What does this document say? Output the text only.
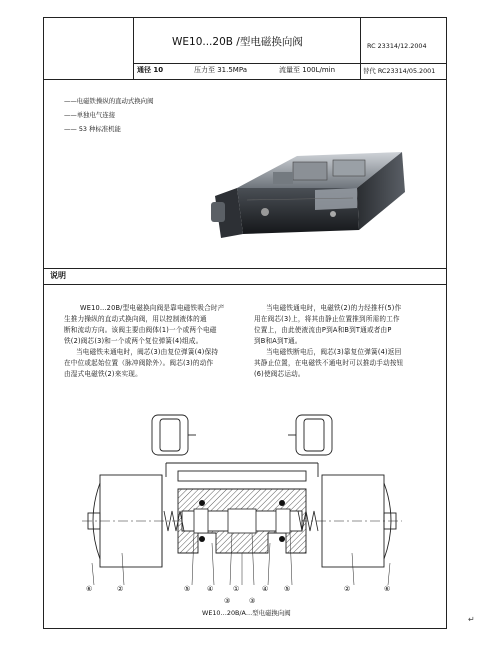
WE10...20B /型电磁换向阀	RC 23314/12.2004
通径 10	压力至 31.5MPa	流量至 100L/min	替代 RC23314/05.2001
——电磁铁操纵的直动式换向阀
——单独电气连接
—— 53 种标准机能
说明
WE10…20B/型电磁换向阀是靠电磁铁吸合时产
生推力操纵的直动式换向阀，用以控制液体的通
断和流动方向。该阀主要由阀体(1)一个或两个电磁
铁(2)阀芯(3)和一个或两个复位弹簧(4)组成。
当电磁铁未通电时，阀芯(3)由复位弹簧(4)保持
在中位或起始位置（脉冲阀除外）。阀芯(3)的动作
由湿式电磁铁(2)来实现。
当电磁铁通电时，电磁铁(2)的力经推杆(5)作
用在阀芯(3)上，将其由静止位置推到所需的工作
位置上，由此使液流由P到A和B到T通或者由P
到B和A到T通。
当电磁铁断电后，阀芯(3)靠复位弹簧(4)返回
其静止位置，在电磁铁不通电时可以推动手动按钮
(6)使阀芯运动。
⑥	②	⑤ ④	①
③	③
④ ⑤	②	⑥
WE10…20B/A…型电磁换向阀
↵
